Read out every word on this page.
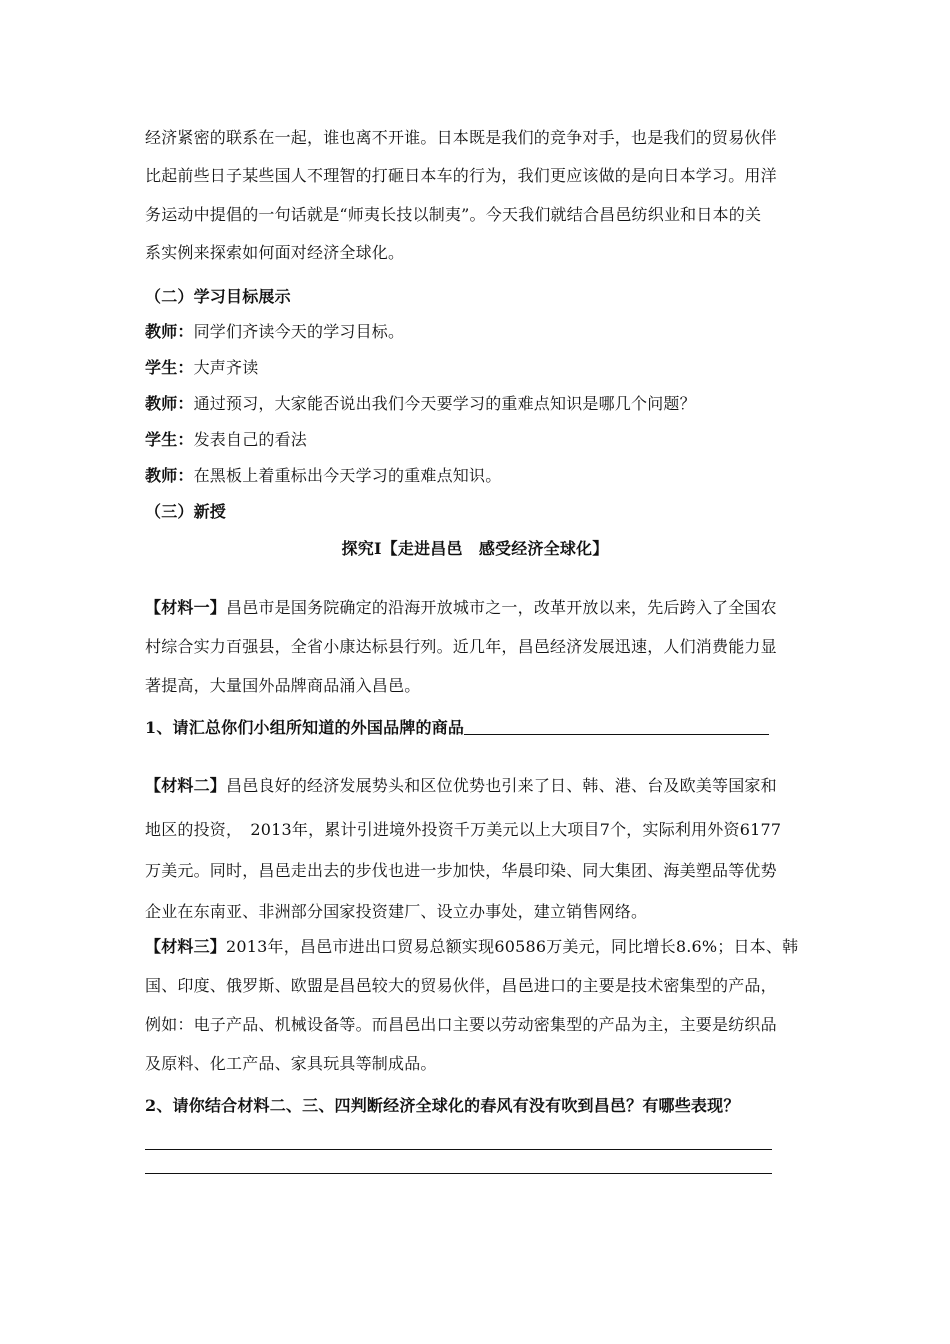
经济紧密的联系在一起，谁也离不开谁。日本既是我们的竞争对手，也是我们的贸易伙伴
比起前些日子某些国人不理智的打砸日本车的行为，我们更应该做的是向日本学习。用洋
务运动中提倡的一句话就是“师夷长技以制夷”。今天我们就结合昌邑纺织业和日本的关
系实例来探索如何面对经济全球化。
（二）学习目标展示
教师：同学们齐读今天的学习目标。
学生：大声齐读
教师：通过预习，大家能否说出我们今天要学习的重难点知识是哪几个问题？
学生：发表自己的看法
教师：在黑板上着重标出今天学习的重难点知识。
（三）新授
探究Ⅰ【走进昌邑　感受经济全球化】
【材料一】昌邑市是国务院确定的沿海开放城市之一，改革开放以来，先后跨入了全国农
村综合实力百强县，全省小康达标县行列。近几年，昌邑经济发展迅速，人们消费能力显
著提高，大量国外品牌商品涌入昌邑。
1、请汇总你们小组所知道的外国品牌的商品
【材料二】昌邑良好的经济发展势头和区位优势也引来了日、韩、港、台及欧美等国家和
地区的投资，　2013年，累计引进境外投资千万美元以上大项目7个，实际利用外资6177
万美元。同时，昌邑走出去的步伐也进一步加快，华晨印染、同大集团、海美塑品等优势
企业在东南亚、非洲部分国家投资建厂、设立办事处，建立销售网络。
【材料三】2013年，昌邑市进出口贸易总额实现60586万美元，同比增长8.6%；日本、韩
国、印度、俄罗斯、欧盟是昌邑较大的贸易伙伴，昌邑进口的主要是技术密集型的产品，
例如：电子产品、机械设备等。而昌邑出口主要以劳动密集型的产品为主，主要是纺织品
及原料、化工产品、家具玩具等制成品。
2、请你结合材料二、三、四判断经济全球化的春风有没有吹到昌邑？有哪些表现？
